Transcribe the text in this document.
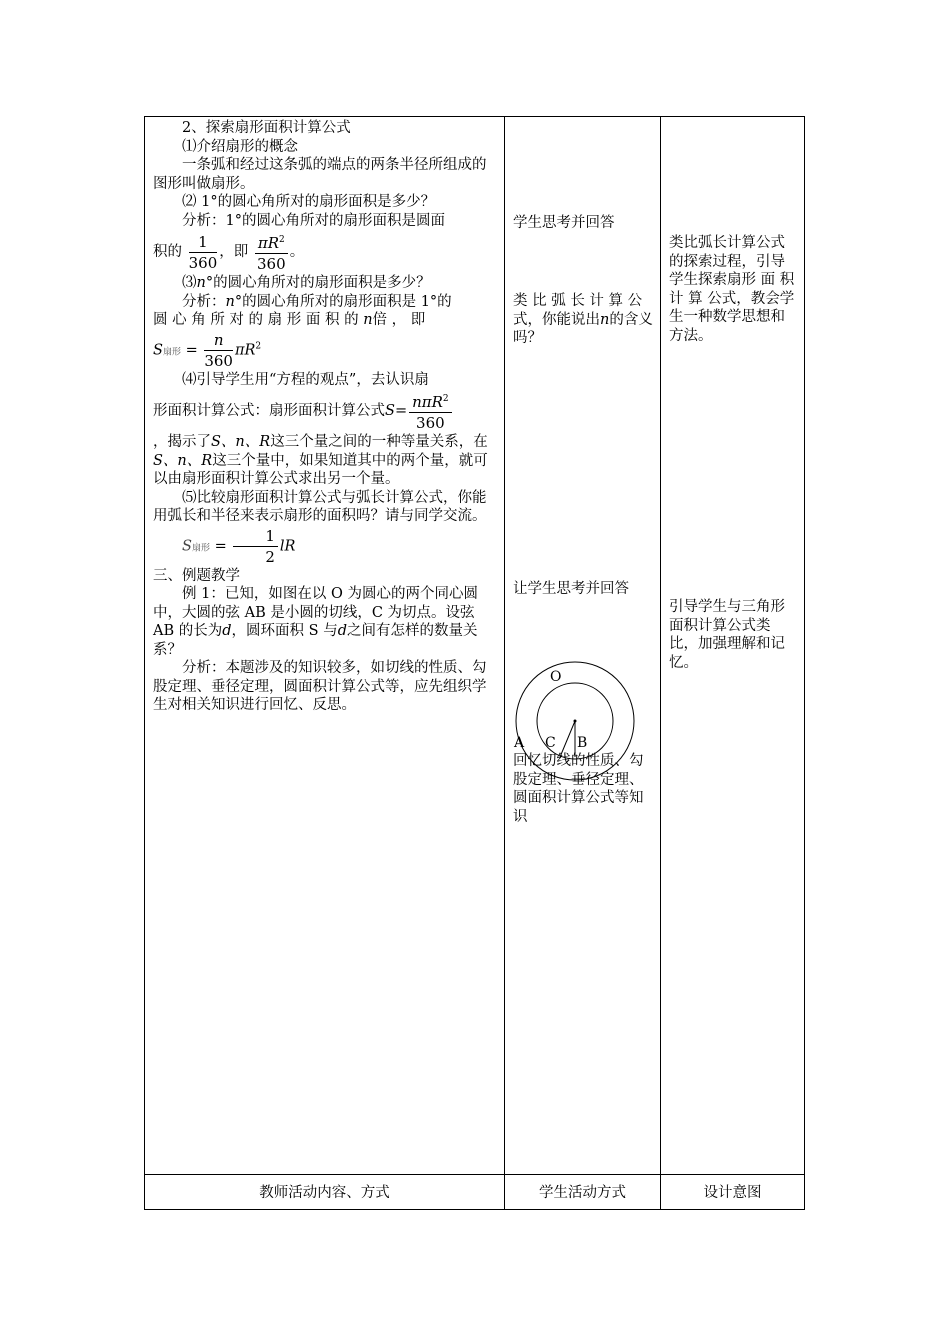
2、探索扇形面积计算公式

⑴介绍扇形的概念

一条弧和经过这条弧的端点的两条半径所组成的图形叫做扇形。

⑵ 1°的圆心角所对的扇形面积是多少？

分析：1°的圆心角所对的扇形面积是圆面

积的 $\frac{1}{360}$ ，即 $\frac{\pi R^2}{360}$ 。

⑶n°的圆心角所对的扇形面积是多少？

分析：n°的圆心角所对的扇形面积是 1°的

圆 心 角 所 对 的 扇 形 面 积 的 n倍 ， 即

S扇形 = $\frac{n}{360} \pi R^2$

⑷引导学生用“方程的观点”，去认识扇

形面积计算公式：扇形面积计算公式$S= \frac{n\pi R^2}{360}$

，揭示了S、n、R这三个量之间的一种等量关系，在S、n、R这三个量中，如果知道其中的两个量，就可以由扇形面积计算公式求出另一个量。

⑸比较扇形面积计算公式与弧长计算公式，你能用弧长和半径来表示扇形的面积吗？请与同学交流。

S扇形 = $\frac{1}{2}$ lR

三、例题教学

例 1：已知，如图在以 O 为圆心的两个同心圆中，大圆的弦 AB 是小圆的切线，C 为切点。设弦 AB 的长为d，圆环面积 S 与d之间有怎样的数量关系？

分析：本题涉及的知识较多，如切线的性质、勾股定理、垂径定理，圆面积计算公式等，应先组织学生对相关知识进行回忆、反思。

学生思考并回答
类 比 弧 长 计 算 公式，你能说出n的含义吗？
让学生思考并回答
O
A C B
回忆切线的性质、勾股定理、垂径定理、圆面积计算公式等知识
类比弧长计算公式的探索过程，引导学生探索扇形 面 积 计 算 公式，教会学生一种数学思想和方法。
引导学生与三角形面积计算公式类比，加强理解和记忆。
教师活动内容、方式	学生活动方式	设计意图
